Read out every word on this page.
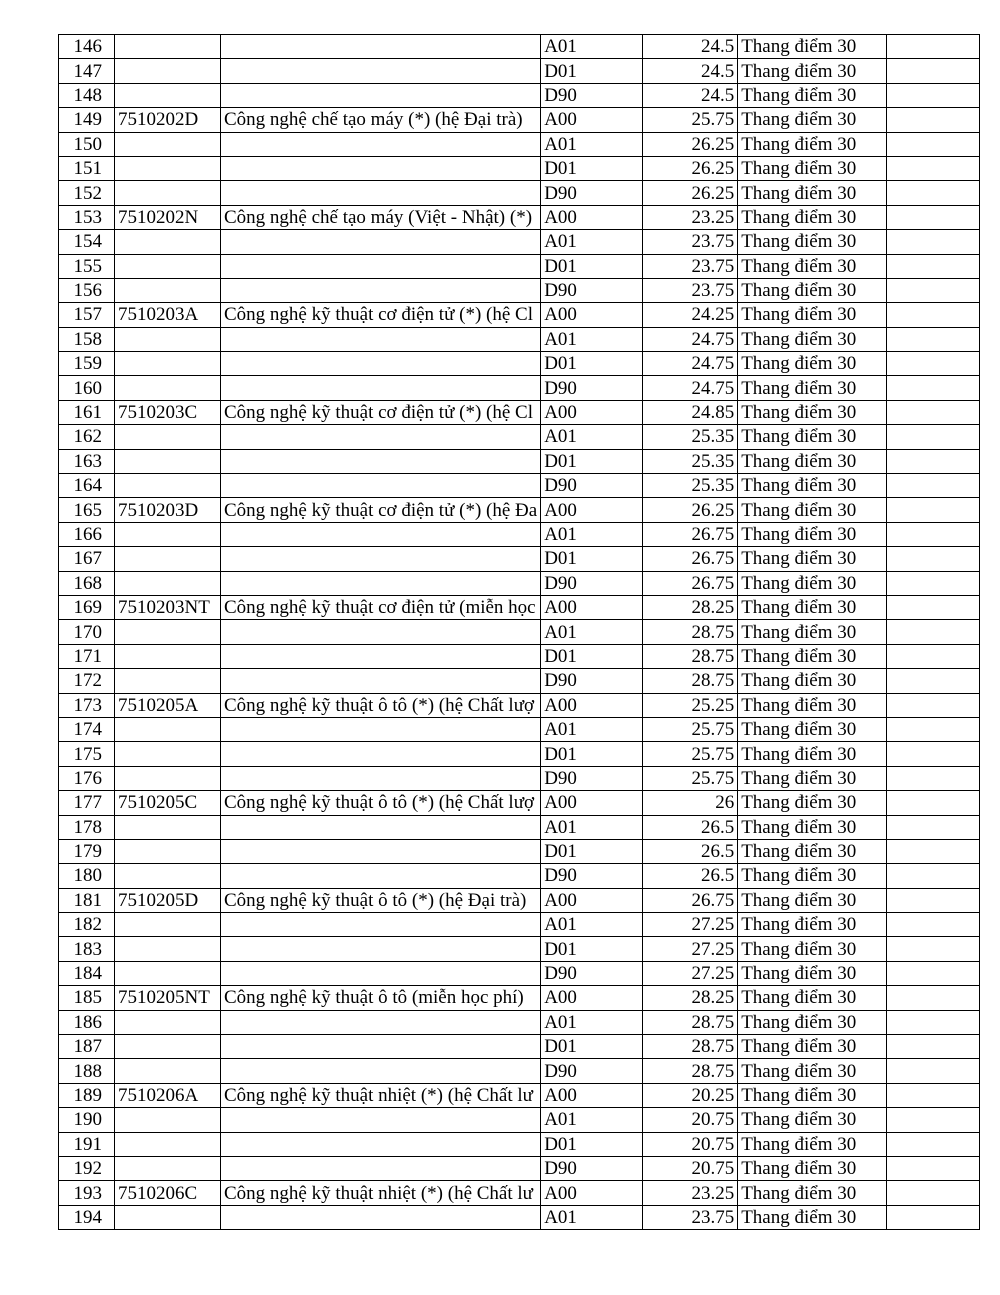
146			A01	24.5	Thang điểm 30	
147			D01	24.5	Thang điểm 30	
148			D90	24.5	Thang điểm 30	
149	7510202D	Công nghệ chế tạo máy (*) (hệ Đại trà)	A00	25.75	Thang điểm 30	
150			A01	26.25	Thang điểm 30	
151			D01	26.25	Thang điểm 30	
152			D90	26.25	Thang điểm 30	
153	7510202N	Công nghệ chế tạo máy (Việt - Nhật) (*)	A00	23.25	Thang điểm 30	
154			A01	23.75	Thang điểm 30	
155			D01	23.75	Thang điểm 30	
156			D90	23.75	Thang điểm 30	
157	7510203A	Công nghệ kỹ thuật cơ điện tử (*) (hệ Cl	A00	24.25	Thang điểm 30	
158			A01	24.75	Thang điểm 30	
159			D01	24.75	Thang điểm 30	
160			D90	24.75	Thang điểm 30	
161	7510203C	Công nghệ kỹ thuật cơ điện tử (*) (hệ Cl	A00	24.85	Thang điểm 30	
162			A01	25.35	Thang điểm 30	
163			D01	25.35	Thang điểm 30	
164			D90	25.35	Thang điểm 30	
165	7510203D	Công nghệ kỹ thuật cơ điện tử (*) (hệ Đa	A00	26.25	Thang điểm 30	
166			A01	26.75	Thang điểm 30	
167			D01	26.75	Thang điểm 30	
168			D90	26.75	Thang điểm 30	
169	7510203NT	Công nghệ kỹ thuật cơ điện tử (miễn học	A00	28.25	Thang điểm 30	
170			A01	28.75	Thang điểm 30	
171			D01	28.75	Thang điểm 30	
172			D90	28.75	Thang điểm 30	
173	7510205A	Công nghệ kỹ thuật ô tô (*) (hệ Chất lượ	A00	25.25	Thang điểm 30	
174			A01	25.75	Thang điểm 30	
175			D01	25.75	Thang điểm 30	
176			D90	25.75	Thang điểm 30	
177	7510205C	Công nghệ kỹ thuật ô tô (*) (hệ Chất lượ	A00	26	Thang điểm 30	
178			A01	26.5	Thang điểm 30	
179			D01	26.5	Thang điểm 30	
180			D90	26.5	Thang điểm 30	
181	7510205D	Công nghệ kỹ thuật ô tô (*) (hệ Đại trà)	A00	26.75	Thang điểm 30	
182			A01	27.25	Thang điểm 30	
183			D01	27.25	Thang điểm 30	
184			D90	27.25	Thang điểm 30	
185	7510205NT	Công nghệ kỹ thuật ô tô (miễn học phí)	A00	28.25	Thang điểm 30	
186			A01	28.75	Thang điểm 30	
187			D01	28.75	Thang điểm 30	
188			D90	28.75	Thang điểm 30	
189	7510206A	Công nghệ kỹ thuật nhiệt (*) (hệ Chất lư	A00	20.25	Thang điểm 30	
190			A01	20.75	Thang điểm 30	
191			D01	20.75	Thang điểm 30	
192			D90	20.75	Thang điểm 30	
193	7510206C	Công nghệ kỹ thuật nhiệt (*) (hệ Chất lư	A00	23.25	Thang điểm 30	
194			A01	23.75	Thang điểm 30	
